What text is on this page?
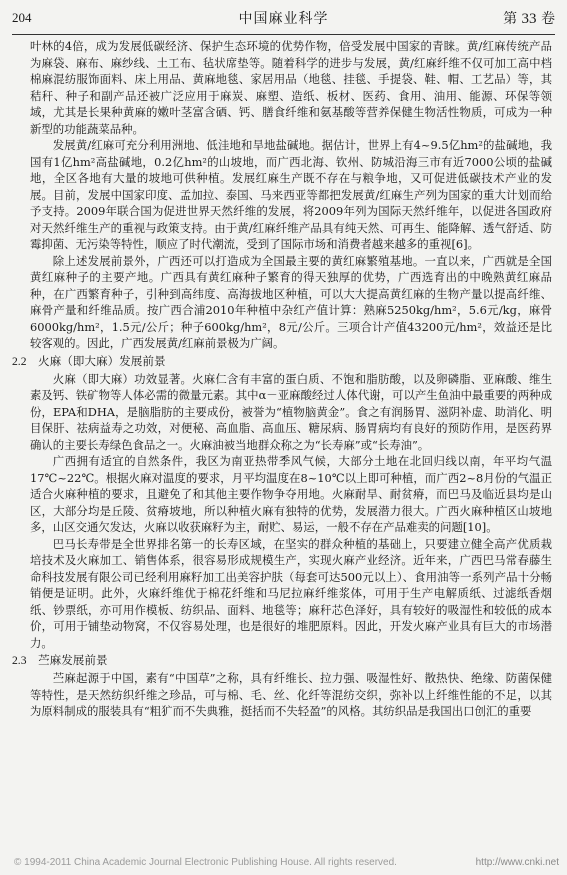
204	中国麻业科学	第 33 卷

叶林的4倍，成为发展低碳经济、保护生态环境的优势作物，倍受发展中国家的青睐。黄/红麻传统产品为麻袋、麻布、麻纱线、土工布、毡状席垫等。随着科学的进步与发展，黄/红麻纤维不仅可加工高中档棉麻混纺服饰面料、床上用品、黄麻地毯、家居用品（地毯、挂毯、手提袋、鞋、帽、工艺品）等，其秸秆、种子和副产品还被广泛应用于麻炭、麻塑、造纸、板材、医药、食用、油用、能源、环保等领域，尤其是长果种黄麻的嫩叶茎富含硒、钙、膳食纤维和氨基酸等营养保健生物活性物质，可成为一种新型的功能蔬菜品种。

发展黄/红麻可充分利用洲地、低洼地和旱地盐碱地。据估计，世界上有4~9.5亿hm²的盐碱地，我国有1亿hm²高盐碱地，0.2亿hm²的山坡地，而广西北海、钦州、防城沿海三市有近7000公顷的盐碱地，全区各地有大量的坡地可供种植。发展红麻生产既不存在与粮争地，又可促进低碳技术产业的发展。目前，发展中国家印度、孟加拉、泰国、马来西亚等都把发展黄/红麻生产列为国家的重大计划而给予支持。2009年联合国为促进世界天然纤维的发展，将2009年列为国际天然纤维年，以促进各国政府对天然纤维生产的重视与政策支持。由于黄/红麻纤维产品具有纯天然、可再生、能降解、透气舒适、防霉抑菌、无污染等特性，顺应了时代潮流，受到了国际市场和消费者越来越多的重视[6]。

除上述发展前景外，广西还可以打造成为全国最主要的黄红麻繁殖基地。一直以来，广西就是全国黄红麻种子的主要产地。广西具有黄红麻种子繁育的得天独厚的优势，广西选育出的中晚熟黄红麻品种，在广西繁育种子，引种到高纬度、高海拔地区种植，可以大大提高黄红麻的生物产量以提高纤维、麻骨产量和纤维品质。按广西合浦2010年种植中杂红产值计算：熟麻5250kg/hm²，5.6元/kg，麻骨6000kg/hm²，1.5元/公斤；种子600kg/hm²，8元/公斤。三项合计产值43200元/hm²，效益还是比较客观的。因此，广西发展黄/红麻前景极为广阔。

2.2 火麻（即大麻）发展前景

火麻（即大麻）功效显著。火麻仁含有丰富的蛋白质、不饱和脂肪酸，以及卵磷脂、亚麻酸、维生素及钙、铁矿物等人体必需的微量元素。其中α－亚麻酸经过人体代谢，可以产生鱼油中最重要的两种成份，EPA和DHA，是脑脂肪的主要成份，被誉为“植物脑黄金”。食之有润肠胃、滋阴补虚、助消化、明目保肝、祛病益寿之功效，对便秘、高血脂、高血压、糖尿病、肠胃病均有良好的预防作用，是医药界确认的主要长寿绿色食品之一。火麻油被当地群众称之为“长寿麻”或“长寿油”。

广西拥有适宜的自然条件，我区为南亚热带季风气候，大部分土地在北回归线以南，年平均气温17℃~22℃。根据火麻对温度的要求，月平均温度在8~10℃以上即可种植，而广西2~8月份的气温正适合火麻种植的要求，且避免了和其他主要作物争夺用地。火麻耐旱、耐贫瘠，而巴马及临近县均是山区，大部分均是丘陵、贫瘠坡地，所以种植火麻有独特的优势，发展潜力很大。广西火麻种植区山坡地多，山区交通欠发达，火麻以收获麻籽为主，耐贮、易运，一般不存在产品难卖的问题[10]。

巴马长寿带是全世界排名第一的长寿区域，在坚实的群众种植的基础上，只要建立健全高产优质栽培技术及火麻加工、销售体系，很容易形成规模生产，实现火麻产业经济。近年来，广西巴马常春藤生命科技发展有限公司已经利用麻籽加工出美容护肤（每套可达500元以上）、食用油等一系列产品十分畅销便是证明。此外，火麻纤维优于棉花纤维和马尼拉麻纤维浆体，可用于生产电解质纸、过滤纸香烟纸、钞票纸，亦可用作模板、纺织品、面料、地毯等；麻秆芯色泽好，具有较好的吸湿性和较低的成本价，可用于铺垫动物窝，不仅容易处理，也是很好的堆肥原料。因此，开发火麻产业具有巨大的市场潜力。

2.3 苎麻发展前景

苎麻起源于中国，素有“中国草”之称，具有纤维长、拉力强、吸湿性好、散热快、绝缘、防菌保健等特性，是天然纺织纤维之珍品，可与棉、毛、丝、化纤等混纺交织，弥补以上纤维性能的不足，以其为原料制成的服装具有“粗犷而不失典雅，挺括而不失轻盈”的风格。其纺织品是我国出口创汇的重要

© 1994-2011 China Academic Journal Electronic Publishing House. All rights reserved.	http://www.cnki.net
